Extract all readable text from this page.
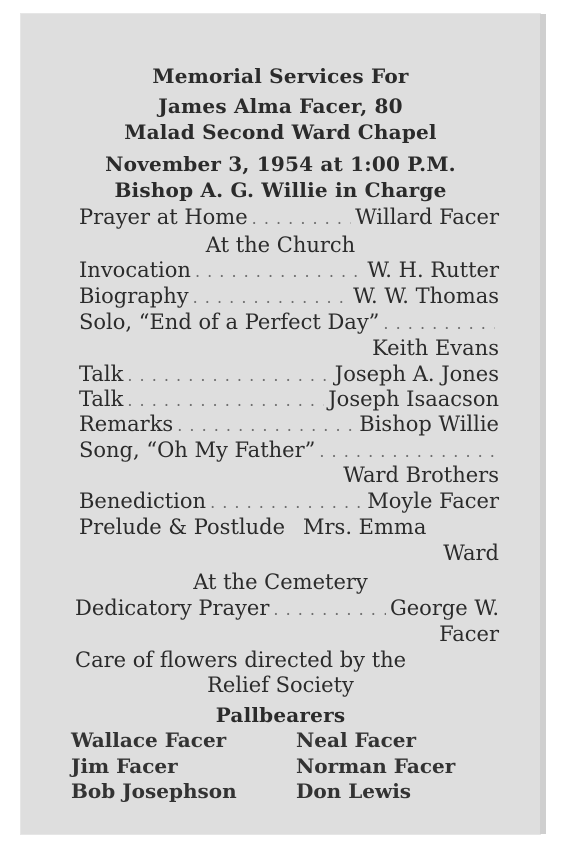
Memorial Services For
James Alma Facer, 80
Malad Second Ward Chapel
November 3, 1954 at 1:00 P.M.
Bishop A. G. Willie in Charge
Prayer at Home . . .	Willard Facer
At the Church
Invocation . . .	W. H. Rutter
Biography . . .	W. W. Thomas
Solo, “End of a Perfect Day”
. . .
Keith Evans
Talk . . .	Joseph A. Jones
Talk . . .	Joseph Isaacson
Remarks . . .	Bishop Willie
Song, “Oh My Father”
. . .
Ward Brothers
Benediction . . .	Moyle Facer
Prelude & Postlude Mrs. Emma
Ward
At the Cemetery
Dedicatory Prayer . . .	George W.
Facer
Care of flowers directed by the
Relief Society
Pallbearers
Wallace Facer	Neal Facer
Jim Facer	Norman Facer
Bob Josephson	Don Lewis
